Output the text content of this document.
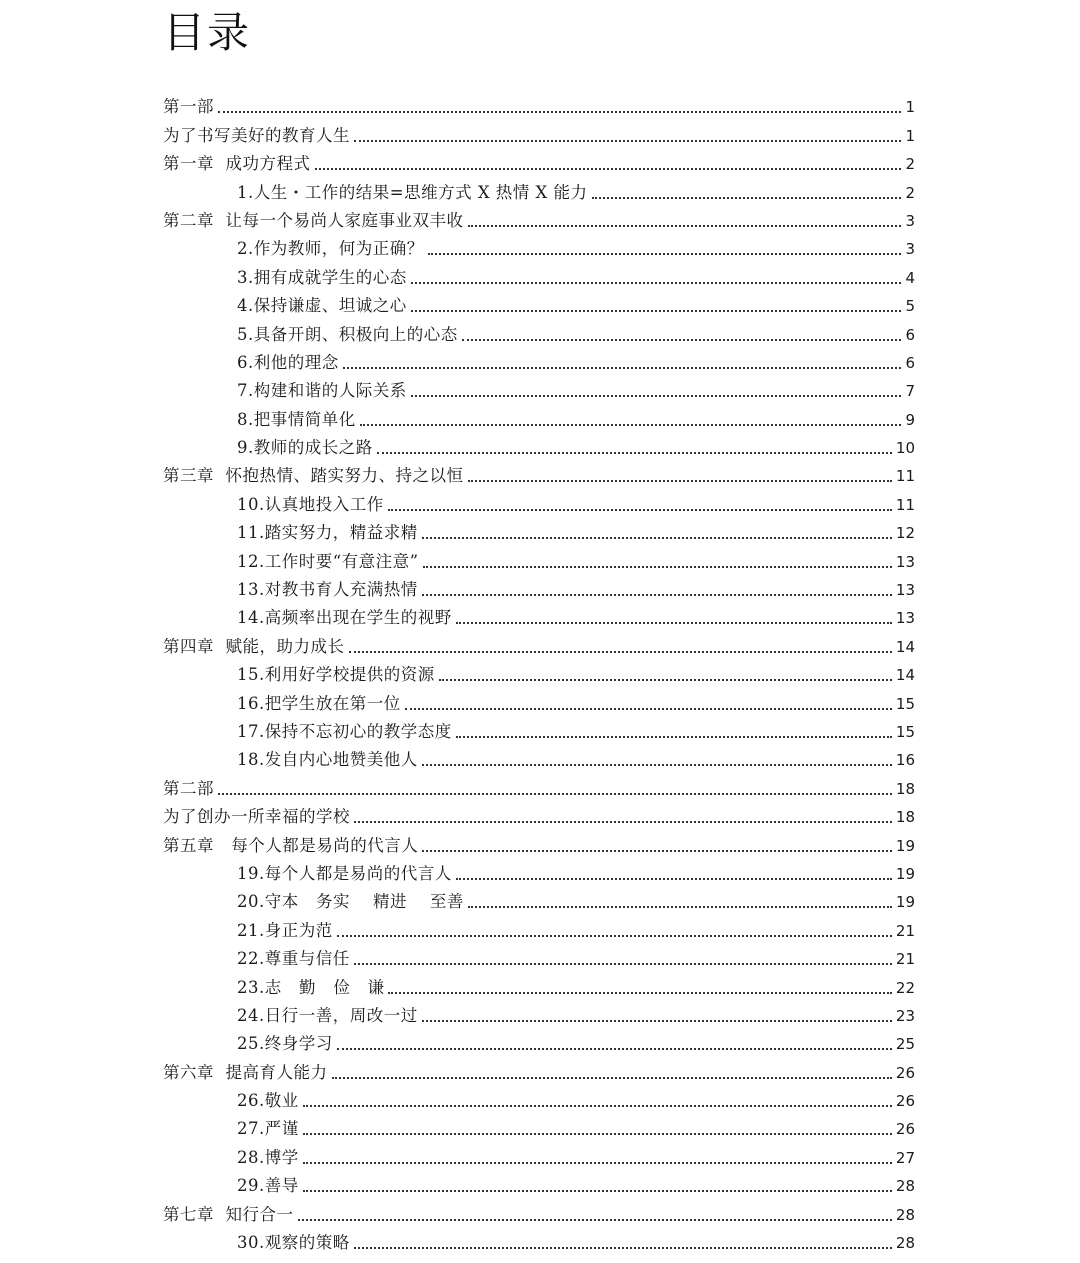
目录
第一部	1
为了书写美好的教育人生	1
第一章  成功方程式	2
1.人生・工作的结果=思维方式 X 热情 X 能力	2
第二章  让每一个易尚人家庭事业双丰收	3
2.作为教师，何为正确？	3
3.拥有成就学生的心态	4
4.保持谦虚、坦诚之心	5
5.具备开朗、积极向上的心态	6
6.利他的理念	6
7.构建和谐的人际关系	7
8.把事情简单化	9
9.教师的成长之路	10
第三章  怀抱热情、踏实努力、持之以恒	11
10.认真地投入工作	11
11.踏实努力，精益求精	12
12.工作时要“有意注意”	13
13.对教书育人充满热情	13
14.高频率出现在学生的视野	13
第四章  赋能，助力成长	14
15.利用好学校提供的资源	14
16.把学生放在第一位	15
17.保持不忘初心的教学态度	15
18.发自内心地赞美他人	16
第二部	18
为了创办一所幸福的学校	18
第五章   每个人都是易尚的代言人	19
19.每个人都是易尚的代言人	19
20.守本   务实    精进    至善	19
21.身正为范	21
22.尊重与信任	21
23.志   勤   俭   谦	22
24.日行一善，周改一过	23
25.终身学习	25
第六章  提高育人能力	26
26.敬业	26
27.严谨	26
28.博学	27
29.善导	28
第七章  知行合一	28
30.观察的策略	28
